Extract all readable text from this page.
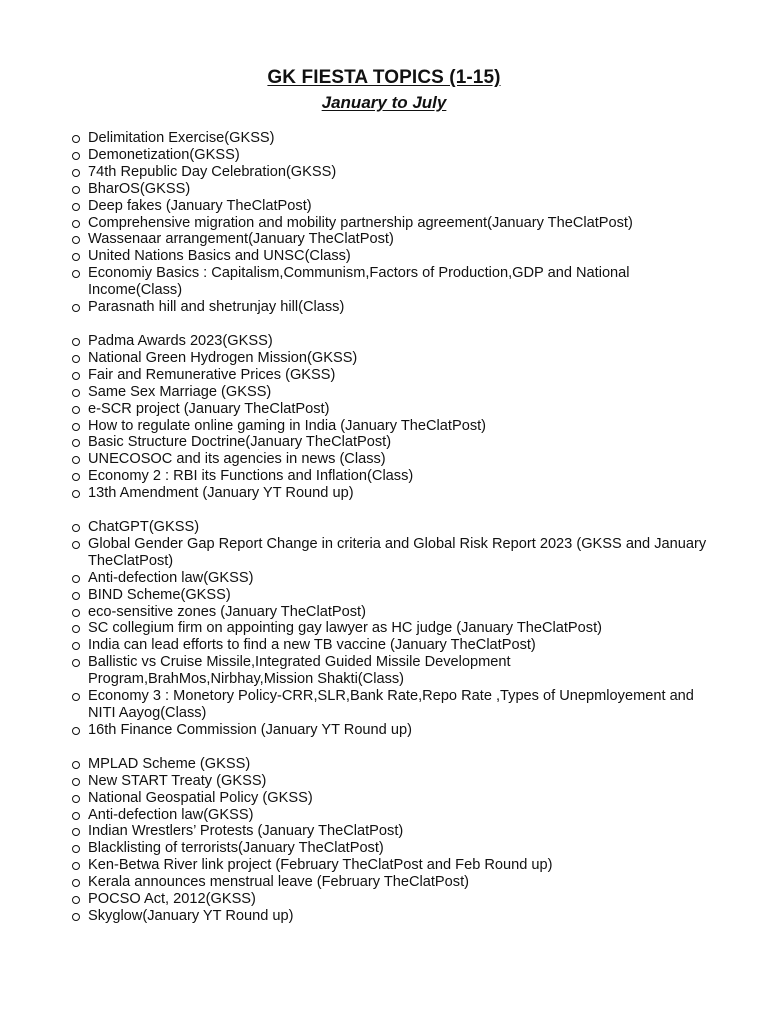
GK FIESTA TOPICS (1-15)
January to July
Delimitation Exercise(GKSS)
Demonetization(GKSS)
74th Republic Day Celebration(GKSS)
BharOS(GKSS)
Deep fakes (January TheClatPost)
Comprehensive migration and mobility partnership agreement(January TheClatPost)
Wassenaar arrangement(January TheClatPost)
United Nations Basics and UNSC(Class)
Economiy Basics : Capitalism,Communism,Factors of Production,GDP and National Income(Class)
Parasnath hill and shetrunjay hill(Class)
Padma Awards 2023(GKSS)
National Green Hydrogen Mission(GKSS)
Fair and Remunerative Prices (GKSS)
Same Sex Marriage (GKSS)
e-SCR project (January TheClatPost)
How to regulate online gaming in India (January TheClatPost)
Basic Structure Doctrine(January TheClatPost)
UNECOSOC and its agencies in news (Class)
Economy 2 : RBI its Functions and Inflation(Class)
13th Amendment (January YT Round up)
ChatGPT(GKSS)
Global Gender Gap Report Change in criteria and Global Risk Report 2023 (GKSS and January TheClatPost)
Anti-defection law(GKSS)
BIND Scheme(GKSS)
eco-sensitive zones (January TheClatPost)
SC collegium firm on appointing gay lawyer as HC judge (January TheClatPost)
India can lead efforts to find a new TB vaccine (January TheClatPost)
Ballistic vs Cruise Missile,Integrated Guided Missile Development Program,BrahMos,Nirbhay,Mission Shakti(Class)
Economy 3 : Monetory Policy-CRR,SLR,Bank Rate,Repo Rate ,Types of Unepmloyement and NITI Aayog(Class)
16th Finance Commission (January YT Round up)
MPLAD Scheme (GKSS)
New START Treaty (GKSS)
National Geospatial Policy (GKSS)
Anti-defection law(GKSS)
Indian Wrestlers’ Protests (January TheClatPost)
Blacklisting of terrorists(January TheClatPost)
Ken-Betwa River link project (February TheClatPost and Feb Round up)
Kerala announces menstrual leave (February TheClatPost)
POCSO Act, 2012(GKSS)
Skyglow(January YT Round up)
